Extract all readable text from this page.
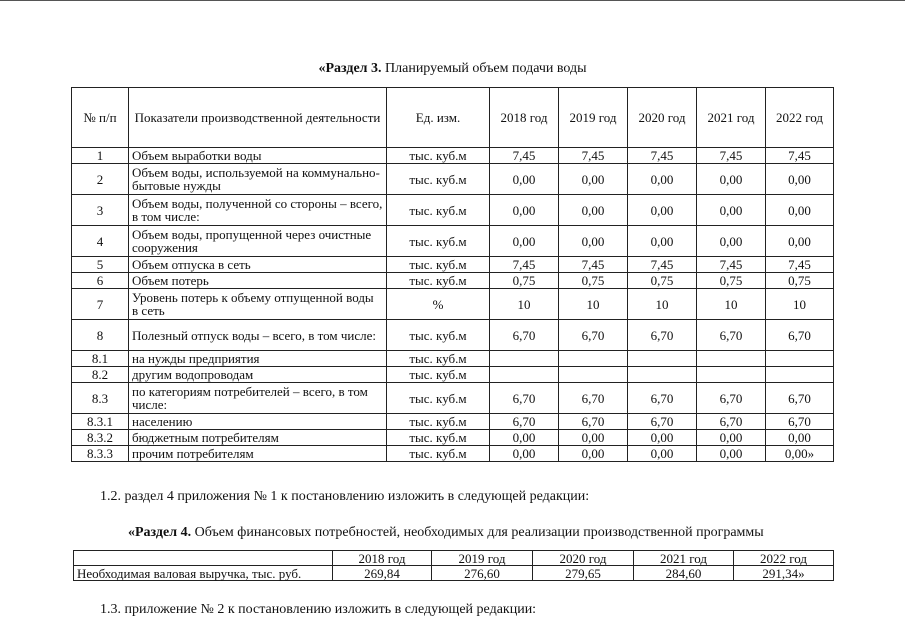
«Раздел 3. Планируемый объем подачи воды
№ п/п	Показатели производственной деятельности	Ед. изм.	2018 год	2019 год	2020 год	2021 год	2022 год
1	Объем выработки воды	тыс. куб.м	7,45	7,45	7,45	7,45	7,45
2	Объем воды, используемой на коммунально-бытовые нужды	тыс. куб.м	0,00	0,00	0,00	0,00	0,00
3	Объем воды, полученной со стороны – всего, в том числе:	тыс. куб.м	0,00	0,00	0,00	0,00	0,00
4	Объем воды, пропущенной через очистные сооружения	тыс. куб.м	0,00	0,00	0,00	0,00	0,00
5	Объем отпуска в сеть	тыс. куб.м	7,45	7,45	7,45	7,45	7,45
6	Объем потерь	тыс. куб.м	0,75	0,75	0,75	0,75	0,75
7	Уровень потерь к объему отпущенной воды в сеть	%	10	10	10	10	10
8	Полезный отпуск воды – всего, в том числе:	тыс. куб.м	6,70	6,70	6,70	6,70	6,70
8.1	на нужды предприятия	тыс. куб.м					
8.2	другим водопроводам	тыс. куб.м					
8.3	по категориям потребителей – всего, в том числе:	тыс. куб.м	6,70	6,70	6,70	6,70	6,70
8.3.1	населению	тыс. куб.м	6,70	6,70	6,70	6,70	6,70
8.3.2	бюджетным потребителям	тыс. куб.м	0,00	0,00	0,00	0,00	0,00
8.3.3	прочим потребителям	тыс. куб.м	0,00	0,00	0,00	0,00	0,00»
1.2. раздел 4 приложения № 1 к постановлению изложить в следующей редакции:
«Раздел 4. Объем финансовых потребностей, необходимых для реализации производственной программы
	2018 год	2019 год	2020 год	2021 год	2022 год
Необходимая валовая выручка, тыс. руб.	269,84	276,60	279,65	284,60	291,34»
1.3. приложение № 2 к постановлению изложить в следующей редакции:
